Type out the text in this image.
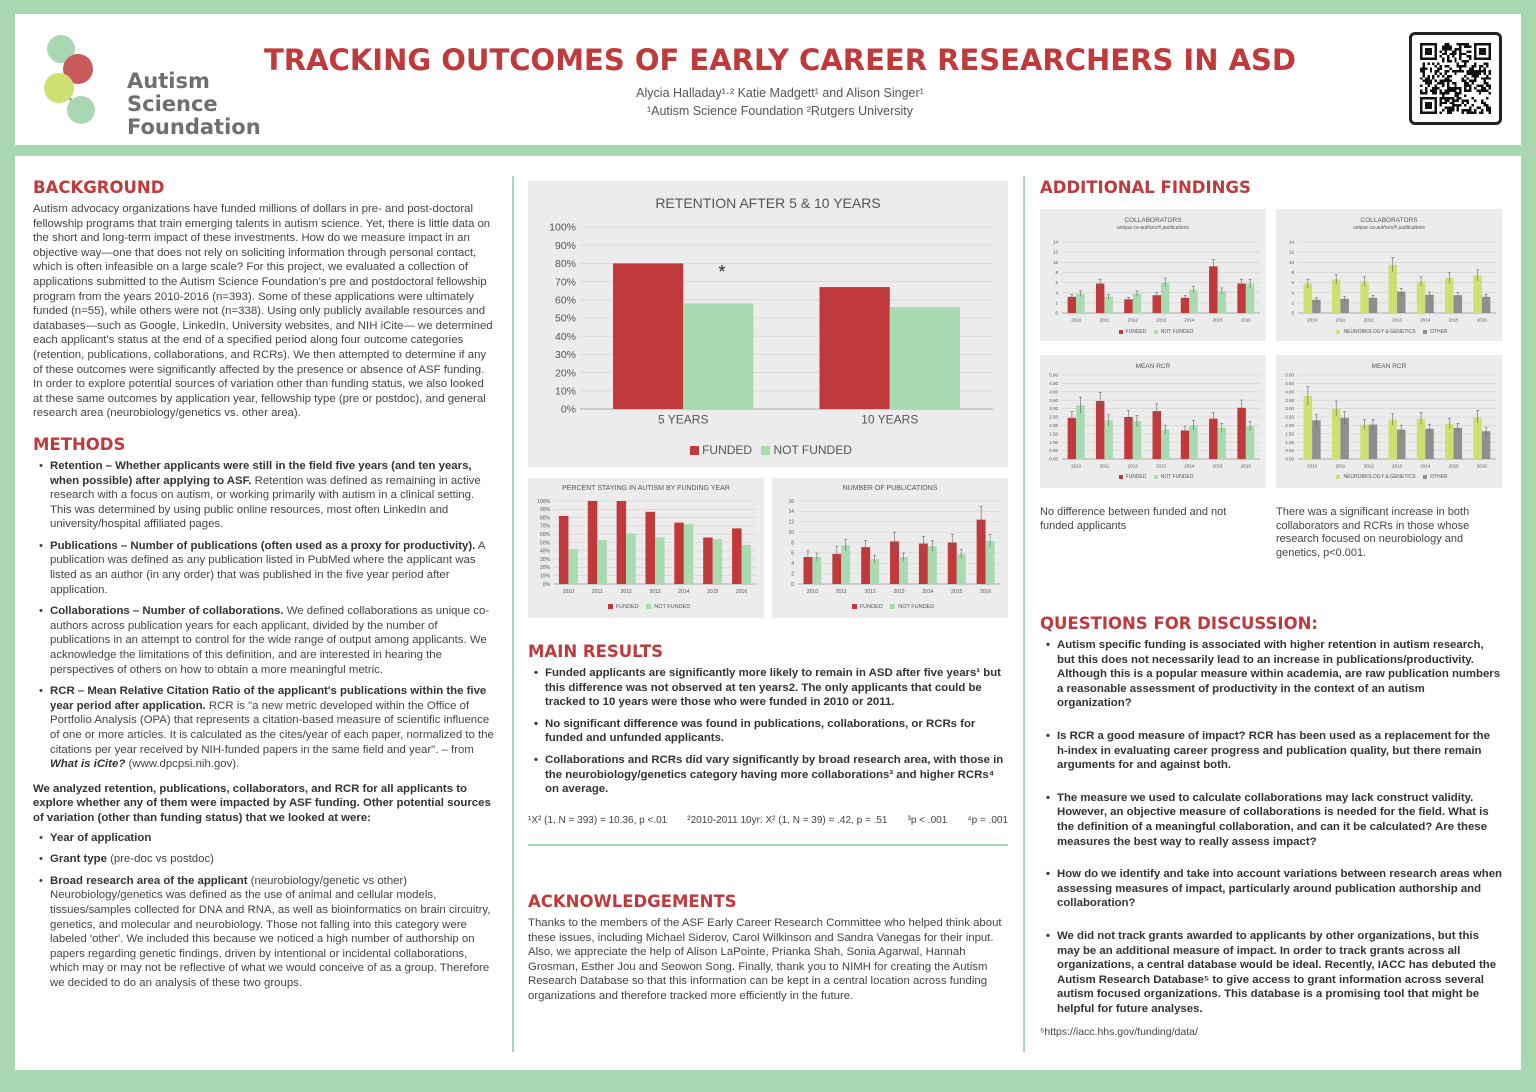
Autism
Science
Foundation
TRACKING OUTCOMES OF EARLY CAREER RESEARCHERS IN ASD
Alycia Halladay¹·² Katie Madgett¹ and Alison Singer¹
¹Autism Science Foundation ²Rutgers University
BACKGROUND

Autism advocacy organizations have funded millions of dollars in pre- and post-doctoral fellowship programs that train emerging talents in autism science. Yet, there is little data on the short and long-term impact of these investments. How do we measure impact in an objective way—one that does not rely on soliciting information through personal contact, which is often infeasible on a large scale? For this project, we evaluated a collection of applications submitted to the Autism Science Foundation's pre and postdoctoral fellowship program from the years 2010-2016 (n=393). Some of these applications were ultimately funded (n=55), while others were not (n=338). Using only publicly available resources and databases—such as Google, LinkedIn, University websites, and NIH iCite— we determined each applicant's status at the end of a specified period along four outcome categories (retention, publications, collaborations, and RCRs). We then attempted to determine if any of these outcomes were significantly affected by the presence or absence of ASF funding. In order to explore potential sources of variation other than funding status, we also looked at these same outcomes by application year, fellowship type (pre or postdoc), and general research area (neurobiology/genetics vs. other area).

METHODS
• Retention – Whether applicants were still in the field five years (and ten years, when possible) after applying to ASF. Retention was defined as remaining in active research with a focus on autism, or working primarily with autism in a clinical setting. This was determined by using public online resources, most often LinkedIn and university/hospital affiliated pages.
• Publications – Number of publications (often used as a proxy for productivity). A publication was defined as any publication listed in PubMed where the applicant was listed as an author (in any order) that was published in the five year period after application.
• Collaborations – Number of collaborations. We defined collaborations as unique co-authors across publication years for each applicant, divided by the number of publications in an attempt to control for the wide range of output among applicants. We acknowledge the limitations of this definition, and are interested in hearing the perspectives of others on how to obtain a more meaningful metric.
• RCR – Mean Relative Citation Ratio of the applicant's publications within the five year period after application. RCR is "a new metric developed within the Office of Portfolio Analysis (OPA) that represents a citation-based measure of scientific influence of one or more articles. It is calculated as the cites/year of each paper, normalized to the citations per year received by NIH-funded papers in the same field and year". – from What is iCite? (www.dpcpsi.nih.gov).

We analyzed retention, publications, collaborators, and RCR for all applicants to explore whether any of them were impacted by ASF funding. Other potential sources of variation (other than funding status) that we looked at were:

• Year of application
• Grant type (pre-doc vs postdoc)
• Broad research area of the applicant (neurobiology/genetic vs other) Neurobiology/genetics was defined as the use of animal and cellular models, tissues/samples collected for DNA and RNA, as well as bioinformatics on brain circuitry, genetics, and molecular and neurobiology. Those not falling into this category were labeled 'other'. We included this because we noticed a high number of authorship on papers regarding genetic findings, driven by intentional or incidental collaborations, which may or may not be reflective of what we would conceive of as a group. Therefore we decided to do an analysis of these two groups.
RETENTION AFTER 5 & 10 YEARS
0%
10%
20%
30%
40%
50%
60%
70%
80%
90%
100%
5 YEARS	10 YEARS
*
FUNDED NOT FUNDED
PERCENT STAYING IN AUTISM BY FUNDING YEAR
0%
10%
20%
30%
40%
50%
60%
70%
80%
90%
100%
2010	2011	2012	2013	2014	2015	2016
FUNDED	NOT FUNDED
NUMBER OF PUBLICATIONS
0
2
4
6
8
10
12
14
16
2010	2011	2012	2013	2014	2015	2016
FUNDED	NOT FUNDED
MAIN RESULTS
• Funded applicants are significantly more likely to remain in ASD after five years¹ but this difference was not observed at ten years2. The only applicants that could be tracked to 10 years were those who were funded in 2010 or 2011.
• No significant difference was found in publications, collaborations, or RCRs for funded and unfunded applicants.
• Collaborations and RCRs did vary significantly by broad research area, with those in the neurobiology/genetics category having more collaborations³ and higher RCRs⁴ on average.
¹X² (1, N = 393) = 10.36, p <.01 ²2010-2011 10yr: X² (1, N = 39) = .42, p = .51 ³p < .001 ⁴p = .001
ACKNOWLEDGEMENTS

Thanks to the members of the ASF Early Career Research Committee who helped think about these issues, including Michael Siderov, Carol Wilkinson and Sandra Vanegas for their input. Also, we appreciate the help of Alison LaPointe, Prianka Shah, Sonia Agarwal, Hannah Grosman, Esther Jou and Seowon Song. Finally, thank you to NIMH for creating the Autism Research Database so that this information can be kept in a central location across funding organizations and therefore tracked more efficiently in the future.

ADDITIONAL FINDINGS
COLLABORATORS
unique co-authors/# publications
0
2
4
6
8
10
12
14
2010	2011	2012	2013	2014	2015	2016
FUNDED	NOT FUNDED
COLLABORATORS
unique co-authors/# publications
0
2
4
6
8
10
12
14
2010	2011	2012	2013	2014	2015	2016
NEUROBIOLOGY & GENETICS	OTHER
MEAN RCR
0.00
0.50
1.00
1.50
2.00
2.50
3.00
3.50
4.00
4.50
5.00
2010	2011	2012	2013	2014	2015	2016
FUNDED	NOT FUNDED
MEAN RCR
0.00
0.50
1.00
1.50
2.00
2.50
3.00
3.50
4.00
4.50
5.00
2010	2011	2012	2013	2014	2015	2016
NEUROBIOLOGY & GENETICS	OTHER
No difference between funded and not funded applicants
There was a significant increase in both collaborators and RCRs in those whose research focused on neurobiology and genetics, p<0.001.
QUESTIONS FOR DISCUSSION:
• Autism specific funding is associated with higher retention in autism research, but this does not necessarily lead to an increase in publications/productivity. Although this is a popular measure within academia, are raw publication numbers a reasonable assessment of productivity in the context of an autism organization?
• Is RCR a good measure of impact? RCR has been used as a replacement for the h-index in evaluating career progress and publication quality, but there remain arguments for and against both.
• The measure we used to calculate collaborations may lack construct validity. However, an objective measure of collaborations is needed for the field. What is the definition of a meaningful collaboration, and can it be calculated? Are these measures the best way to really assess impact?
• How do we identify and take into account variations between research areas when assessing measures of impact, particularly around publication authorship and collaboration?
• We did not track grants awarded to applicants by other organizations, but this may be an additional measure of impact. In order to track grants across all organizations, a central database would be ideal. Recently, IACC has debuted the Autism Research Database⁵ to give access to grant information across several autism focused organizations. This database is a promising tool that might be helpful for future analyses.
⁵https://iacc.hhs.gov/funding/data/
